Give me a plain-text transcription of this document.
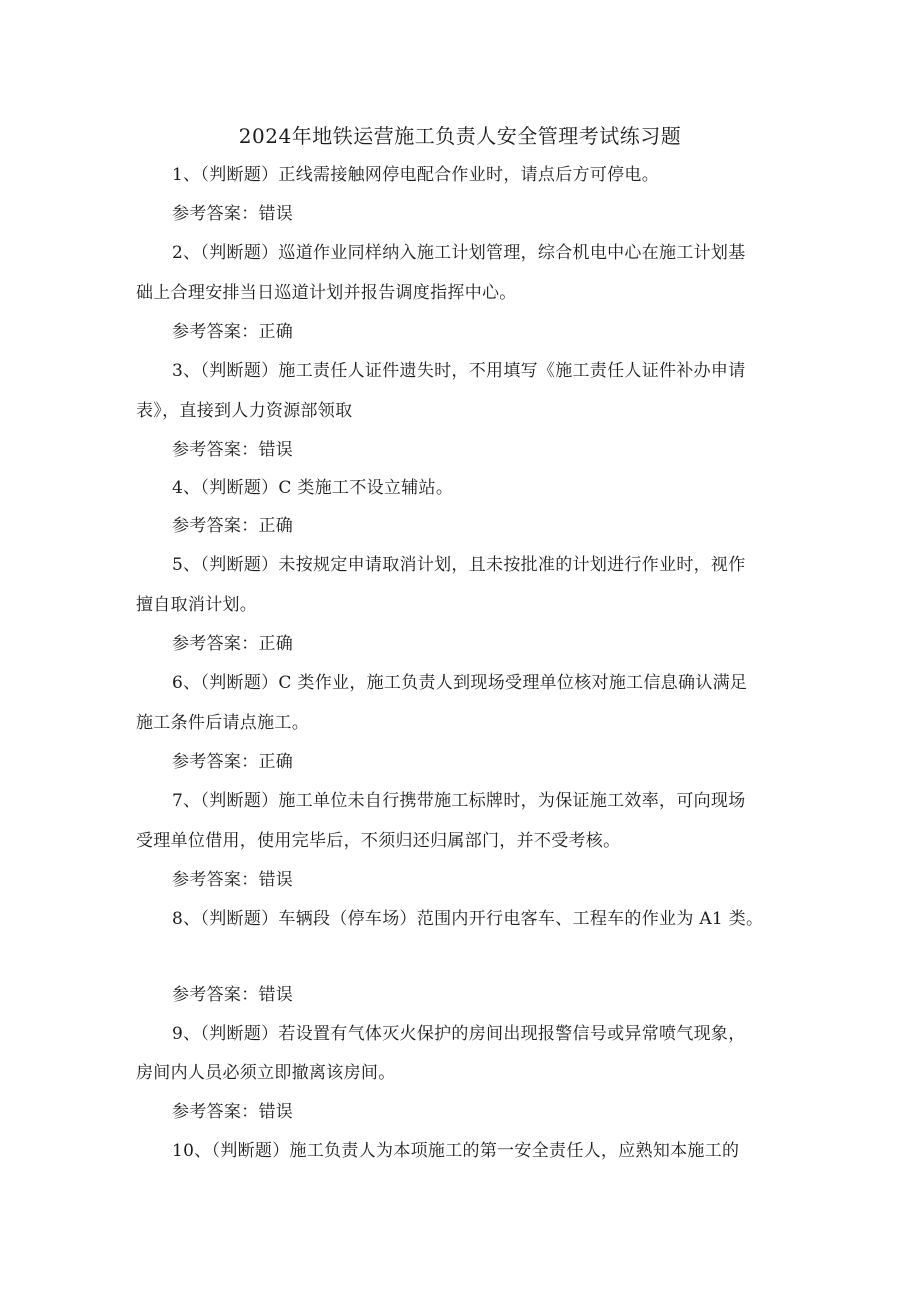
2024年地铁运营施工负责人安全管理考试练习题
1、（判断题）正线需接触网停电配合作业时，请点后方可停电。
参考答案：错误
2、（判断题）巡道作业同样纳入施工计划管理，综合机电中心在施工计划基
础上合理安排当日巡道计划并报告调度指挥中心。
参考答案：正确
3、（判断题）施工责任人证件遗失时，不用填写《施工责任人证件补办申请
表》，直接到人力资源部领取
参考答案：错误
4、（判断题）C 类施工不设立辅站。
参考答案：正确
5、（判断题）未按规定申请取消计划，且未按批准的计划进行作业时，视作
擅自取消计划。
参考答案：正确
6、（判断题）C 类作业，施工负责人到现场受理单位核对施工信息确认满足
施工条件后请点施工。
参考答案：正确
7、（判断题）施工单位未自行携带施工标牌时，为保证施工效率，可向现场
受理单位借用，使用完毕后，不须归还归属部门，并不受考核。
参考答案：错误
8、（判断题）车辆段（停车场）范围内开行电客车、工程车的作业为 A1 类。
参考答案：错误
9、（判断题）若设置有气体灭火保护的房间出现报警信号或异常喷气现象，
房间内人员必须立即撤离该房间。
参考答案：错误
10、（判断题）施工负责人为本项施工的第一安全责任人，应熟知本施工的
